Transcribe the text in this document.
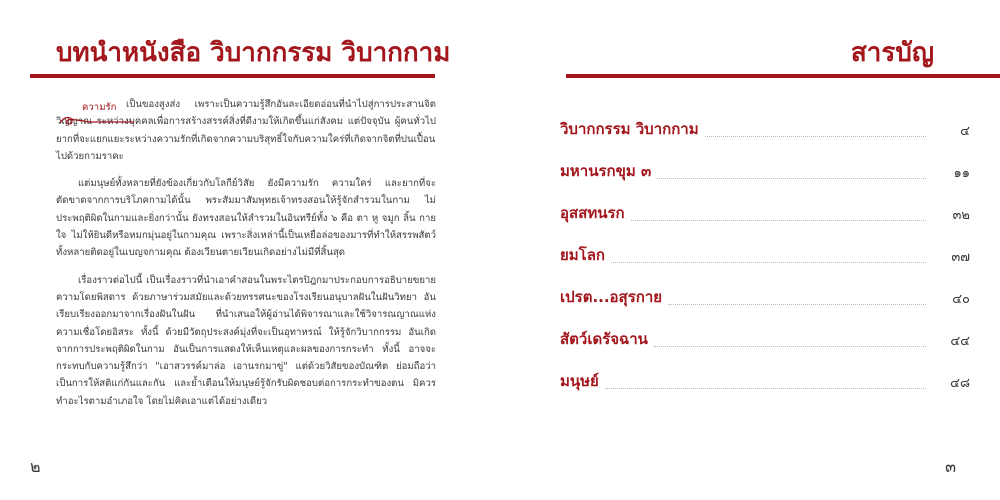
บทนำหนังสือ วิบากกรรม วิบากกาม
ความรัก เป็นของสูงส่ง เพราะเป็นความรู้สึกอันละเอียดอ่อนที่นำไปสู่การประสานจิตวิญญาณ ระหว่างบุคคลเพื่อการสร้างสรรค์สิ่งที่ดีงามให้เกิดขึ้นแก่สังคม แต่ปัจจุบัน ผู้คนทั่วไปยากที่จะแยกแยะระหว่างความรักที่เกิดจากความบริสุทธิ์ใจกับความใคร่ที่เกิดจากจิตที่ปนเปื้อนไปด้วยกามราคะ

แต่มนุษย์ทั้งหลายที่ยังข้องเกี่ยวกับโลกีย์วิสัย ยังมีความรัก ความใคร่ และยากที่จะตัดขาดจากการบริโภคกามได้นั้น พระสัมมาสัมพุทธเจ้าทรงสอนให้รู้จักสำรวมในกาม ไม่ประพฤติผิดในกามและยิ่งกว่านั้น ยังทรงสอนให้สำรวมในอินทรีย์ทั้ง ๖ คือ ตา หู จมูก ลิ้น กาย ใจ ไม่ให้ยินดีหรือหมกมุ่นอยู่ในกามคุณ เพราะสิ่งเหล่านี้เป็นเหยื่อล่อของมารที่ทำให้สรรพสัตว์ทั้งหลายติดอยู่ในเบญจกามคุณ ต้องเวียนตายเวียนเกิดอย่างไม่มีที่สิ้นสุด

เรื่องราวต่อไปนี้ เป็นเรื่องราวที่นำเอาคำสอนในพระไตรปิฎกมาประกอบการอธิบายขยายความโดยพิสดาร ด้วยภาษาร่วมสมัยและด้วยทรรศนะของโรงเรียนอนุบาลฝันในฝันวิทยา อันเรียบเรียงออกมาจากเรื่องฝันในฝัน ที่นำเสนอให้ผู้อ่านได้พิจารณาและใช้วิจารณญาณแห่งความเชื่อโดยอิสระ ทั้งนี้ ด้วยมีวัตถุประสงค์มุ่งที่จะเป็นอุทาหรณ์ ให้รู้จักวิบากกรรม อันเกิดจากการประพฤติผิดในกาม อันเป็นการแสดงให้เห็นเหตุและผลของการกระทำ ทั้งนี้ อาจจะกระทบกับความรู้สึกว่า "เอาสวรรค์มาล่อ เอานรกมาขู่" แต่ด้วยวิสัยของบัณฑิต ย่อมถือว่าเป็นการให้สติแก่กันและกัน และย้ำเตือนให้มนุษย์รู้จักรับผิดชอบต่อการกระทำของตน มิควรทำอะไรตามอำเภอใจ โดยไม่คิดเอาแต่ได้อย่างเดียว

๒
สารบัญ
วิบากกรรม วิบากกาม	๔
มหานรกขุม ๓	๑๑
อุสสทนรก	๓๒
ยมโลก	๓๗
เปรต...อสุรกาย	๔๐
สัตว์เดรัจฉาน	๔๔
มนุษย์	๔๘
๓
